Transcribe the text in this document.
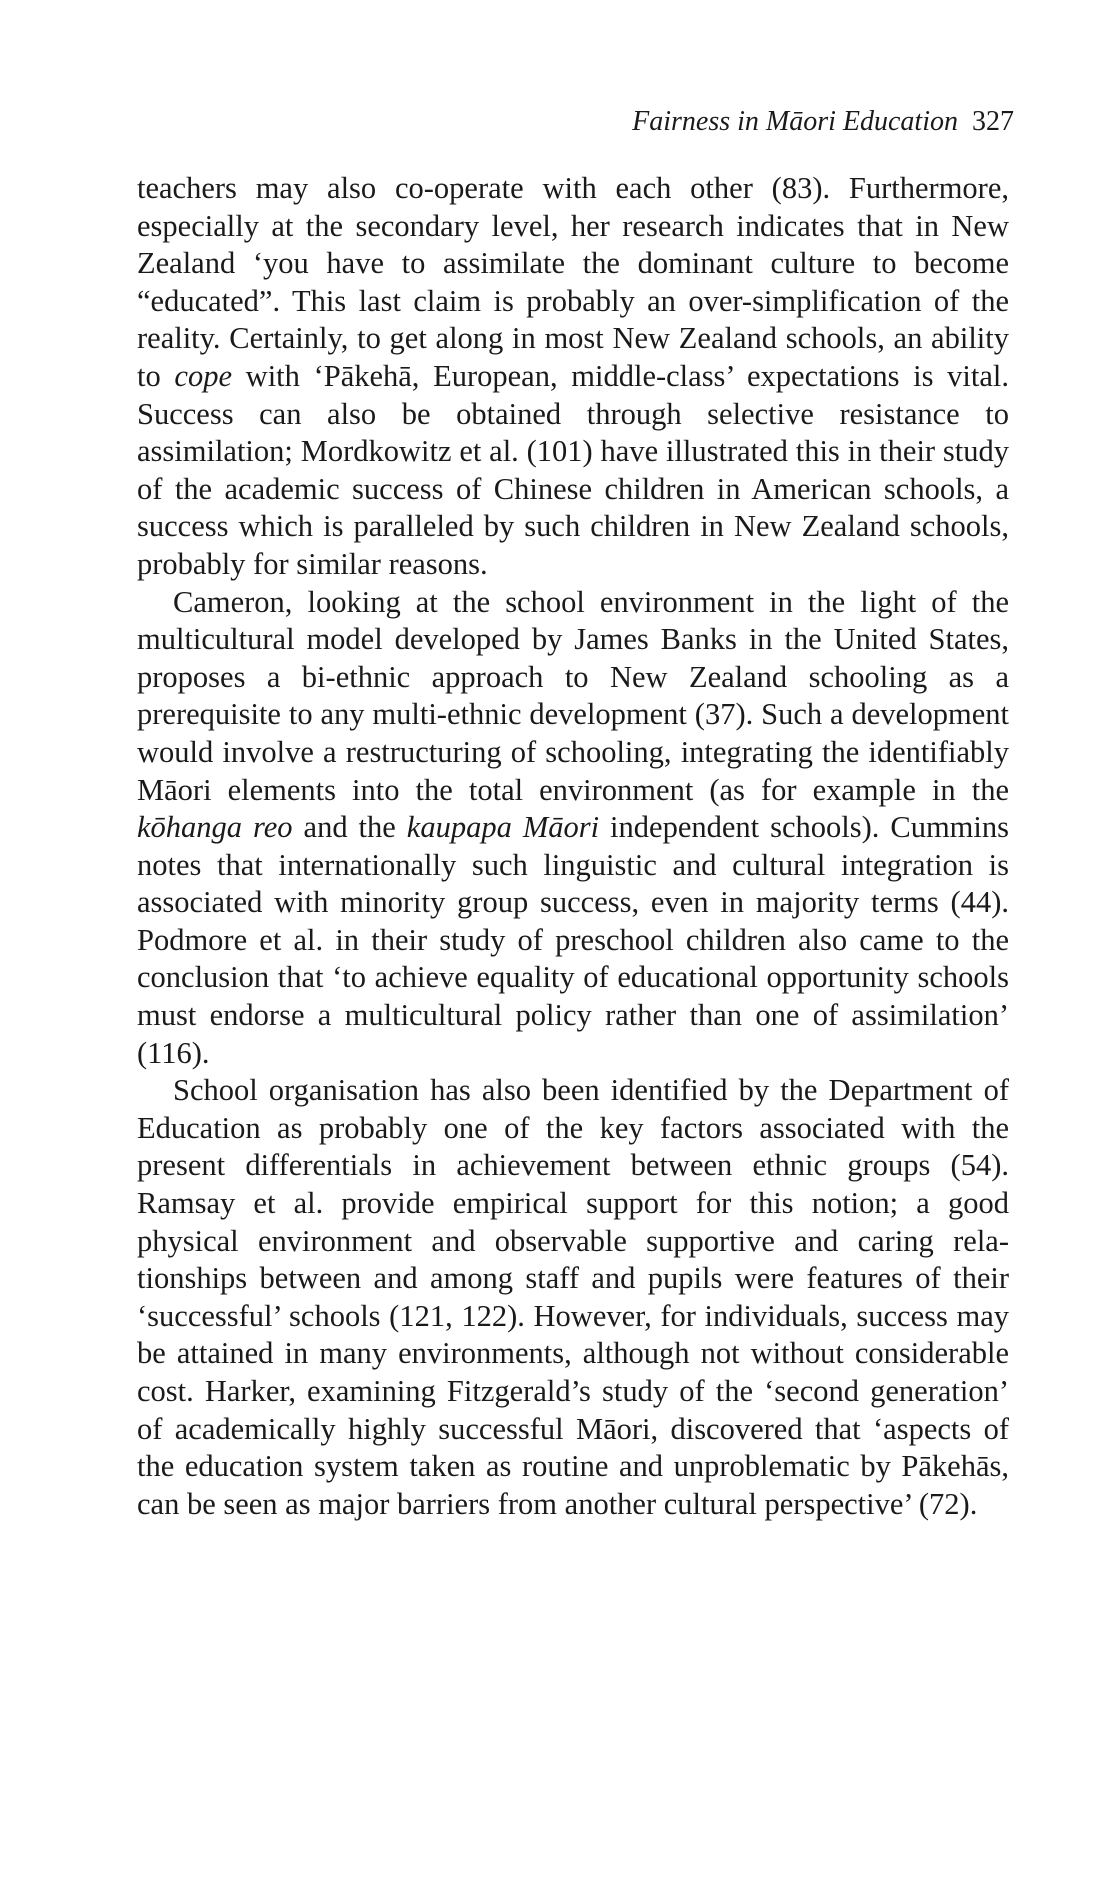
Fairness in Māori Education 327

teachers may also co-operate with each other (83). Furthermore, especially at the secondary level, her research indicates that in New Zealand ‘you have to assimilate the dominant culture to become “educated”. This last claim is probably an over-simplification of the reality. Certainly, to get along in most New Zealand schools, an ability to cope with ‘Pākehā, European, middle-class’ expectations is vital. Success can also be obtained through selective resistance to assimilation; Mordkowitz et al. (101) have illustrated this in their study of the academic success of Chinese children in American schools, a success which is paralleled by such children in New Zealand schools, probably for similar reasons.

Cameron, looking at the school environment in the light of the multicultural model developed by James Banks in the United States, proposes a bi-ethnic approach to New Zealand schooling as a prerequisite to any multi-ethnic development (37). Such a development would involve a restructuring of schooling, integrating the identifiably Māori elements into the total environment (as for example in the kōhanga reo and the kaupapa Māori independent schools). Cummins notes that internationally such linguistic and cultural integration is associated with minority group success, even in majority terms (44). Podmore et al. in their study of preschool children also came to the conclusion that ‘to achieve equality of educational opportunity schools must endorse a multicultural policy rather than one of assimilation’ (116).

School organisation has also been identified by the Department of Education as probably one of the key factors associated with the present differentials in achievement between ethnic groups (54). Ramsay et al. provide empirical support for this notion; a good physical environment and observable supportive and caring relationships between and among staff and pupils were features of their ‘successful’ schools (121, 122). However, for individuals, success may be attained in many environments, although not without considerable cost. Harker, examining Fitzgerald’s study of the ‘second generation’ of academically highly successful Māori, discovered that ‘aspects of the education system taken as routine and unproblematic by Pākehās, can be seen as major barriers from another cultural perspective’ (72).
